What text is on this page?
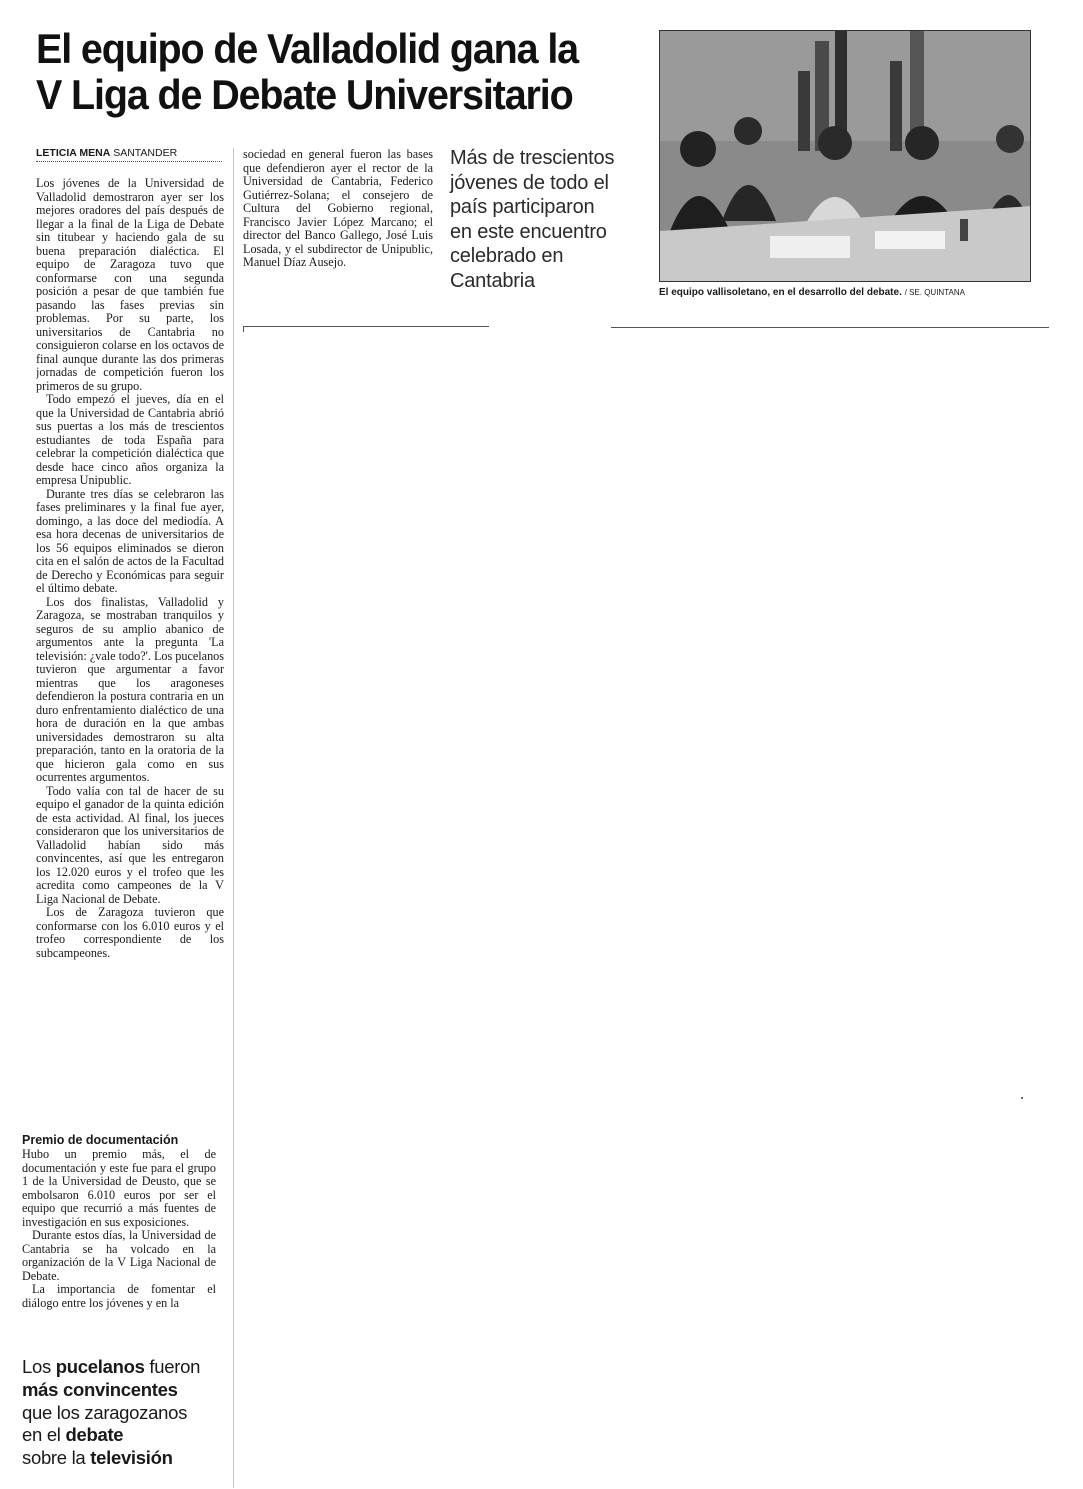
El equipo de Valladolid gana la
V Liga de Debate Universitario
LETICIA MENA SANTANDER

Los jóvenes de la Universidad de Valladolid demostraron ayer ser los mejores oradores del país después de llegar a la final de la Liga de Debate sin titubear y haciendo gala de su buena preparación dialéctica. El equipo de Zaragoza tuvo que conformarse con una segunda posición a pesar de que también fue pasando las fases previas sin problemas. Por su parte, los universitarios de Cantabria no consiguieron colarse en los octavos de final aunque durante las dos primeras jornadas de competición fueron los primeros de su grupo.

Todo empezó el jueves, día en el que la Universidad de Cantabria abrió sus puertas a los más de trescientos estudiantes de toda España para celebrar la competición dialéctica que desde hace cinco años organiza la empresa Unipublic.

Durante tres días se celebraron las fases preliminares y la final fue ayer, domingo, a las doce del mediodía. A esa hora decenas de universitarios de los 56 equipos eliminados se dieron cita en el salón de actos de la Facultad de Derecho y Económicas para seguir el último debate.

Los dos finalistas, Valladolid y Zaragoza, se mostraban tranquilos y seguros de su amplio abanico de argumentos ante la pregunta 'La televisión: ¿vale todo?'. Los pucelanos tuvieron que argumentar a favor mientras que los aragoneses defendieron la postura contraria en un duro enfrentamiento dialéctico de una hora de duración en la que ambas universidades demostraron su alta preparación, tanto en la oratoria de la que hicieron gala como en sus ocurrentes argumentos.

Todo valía con tal de hacer de su equipo el ganador de la quinta edición de esta actividad. Al final, los jueces consideraron que los universitarios de Valladolid habían sido más convincentes, así que les entregaron los 12.020 euros y el trofeo que les acredita como campeones de la V Liga Nacional de Debate.

Los de Zaragoza tuvieron que conformarse con los 6.010 euros y el trofeo correspondiente de los subcampeones.

Premio de documentación

Hubo un premio más, el de documentación y este fue para el grupo 1 de la Universidad de Deusto, que se embolsaron 6.010 euros por ser el equipo que recurrió a más fuentes de investigación en sus exposiciones.

Durante estos días, la Universidad de Cantabria se ha volcado en la organización de la V Liga Nacional de Debate.

La importancia de fomentar el diálogo entre los jóvenes y en la

Los pucelanos fueron
más convincentes
que los zaragozanos
en el debate
sobre la televisión

sociedad en general fueron las bases que defendieron ayer el rector de la Universidad de Cantabria, Federico Gutiérrez-Solana; el consejero de Cultura del Gobierno regional, Francisco Javier López Marcano; el director del Banco Gallego, José Luis Losada, y el subdirector de Unipublic, Manuel Díaz Ausejo.

Más de trescientos
jóvenes de todo el
país participaron
en este encuentro
celebrado en
Cantabria
El equipo vallisoletano, en el desarrollo del debate. / SE. QUINTANA
